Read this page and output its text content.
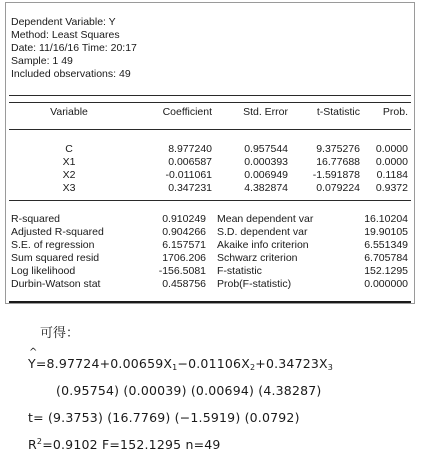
Dependent Variable: Y
Method: Least Squares
Date: 11/16/16 Time: 20:17
Sample: 1 49
Included observations: 49
Variable	Coefficient	Std. Error	t-Statistic	Prob.
C	8.977240	0.957544	9.375276	0.0000
X1	0.006587	0.000393	16.77688	0.0000
X2	-0.011061	0.006949	-1.591878	0.1184
X3	0.347231	4.382874	0.079224	0.9372
R-squared	0.910249 Mean dependent var	16.10204
Adjusted R-squared	0.904266 S.D. dependent var	19.90105
S.E. of regression	6.157571 Akaike info criterion	6.551349
Sum squared resid	1706.206 Schwarz criterion	6.705784
Log likelihood	-156.5081 F-statistic	152.1295
Durbin-Watson stat	0.458756 Prob(F-statistic)	0.000000
可得：
^ $Y=8.97724+0.00659X_1-0.01106X_2+0.34723X_3$
(0.95754) (0.00039) (0.00694) (4.38287)
t= (9.3753) (16.7769) (−1.5919) (0.0792)
$R^2=0.9102$ F=152.1295 n=49
